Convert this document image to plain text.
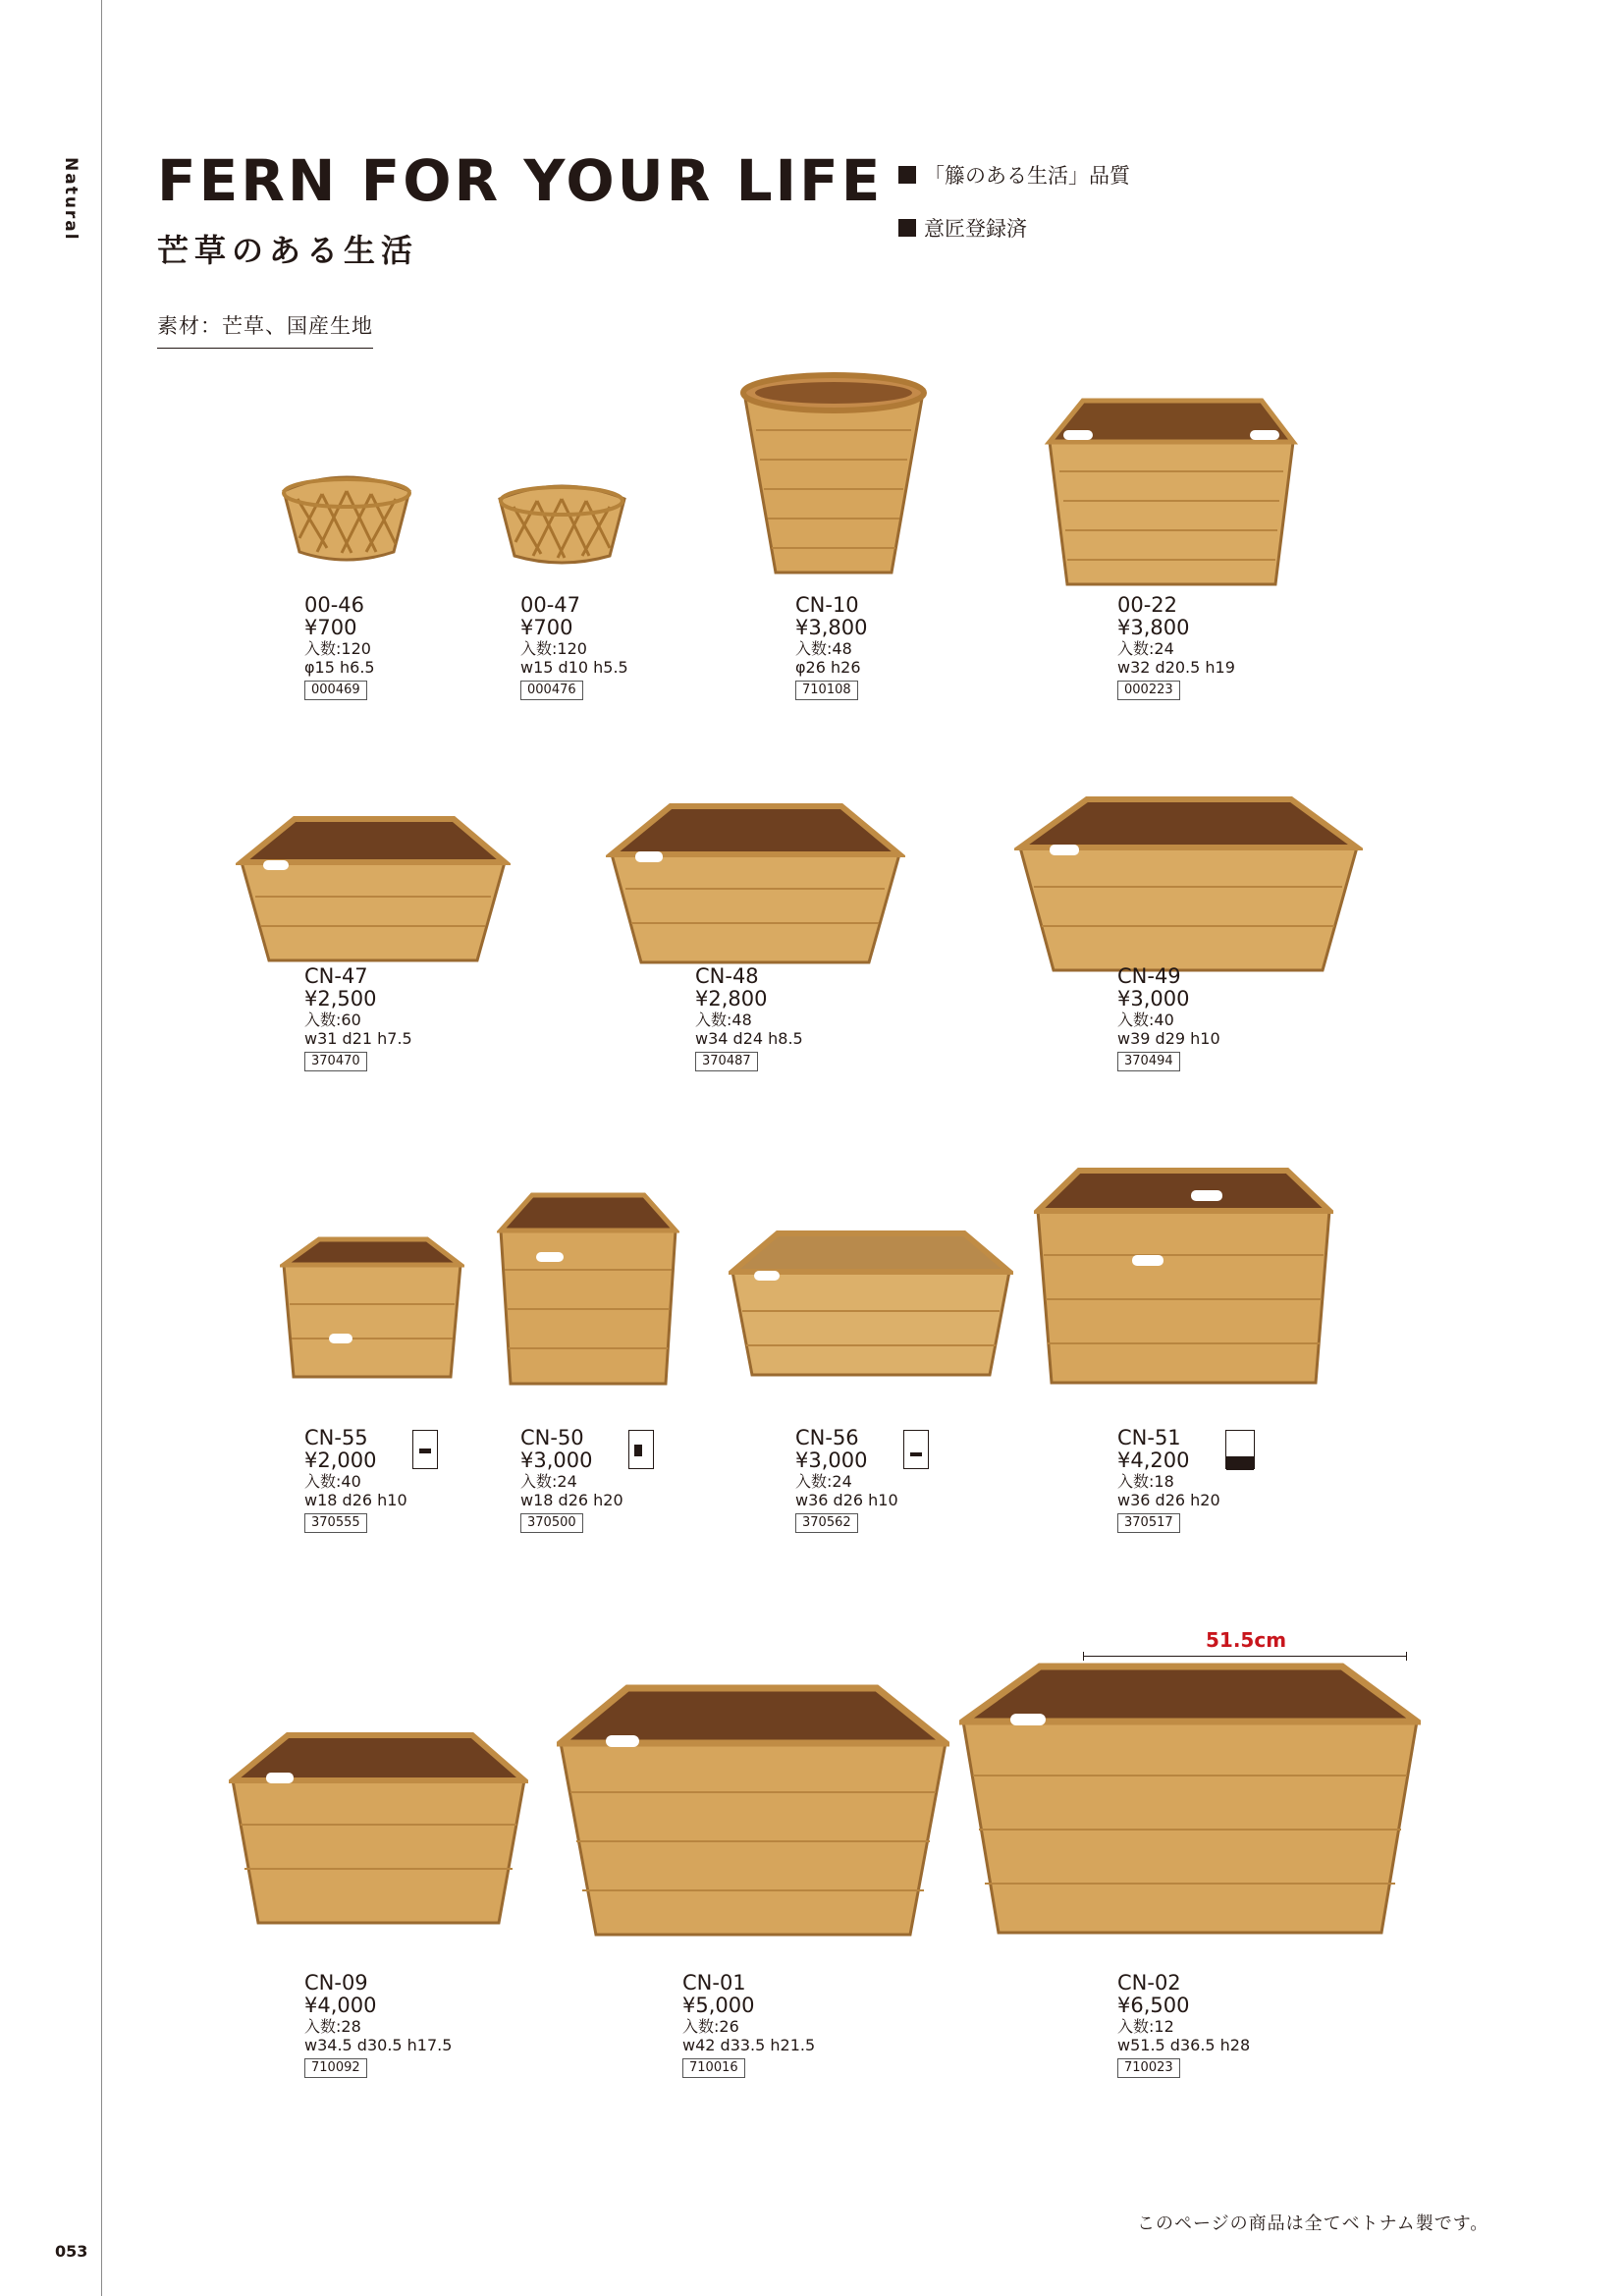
Natural
053
FERN FOR YOUR LIFE
芒草のある生活
素材：芒草、国産生地
「籐のある生活」品質
意匠登録済
51.5cm
00-46
¥700
入数:120
φ15 h6.5
000469
00-47
¥700
入数:120
w15 d10 h5.5
000476
CN-10
¥3,800
入数:48
φ26 h26
710108
00-22
¥3,800
入数:24
w32 d20.5 h19
000223
CN-47
¥2,500
入数:60
w31 d21 h7.5
370470
CN-48
¥2,800
入数:48
w34 d24 h8.5
370487
CN-49
¥3,000
入数:40
w39 d29 h10
370494
CN-55
¥2,000
入数:40
w18 d26 h10
370555
CN-50
¥3,000
入数:24
w18 d26 h20
370500
CN-56
¥3,000
入数:24
w36 d26 h10
370562
CN-51
¥4,200
入数:18
w36 d26 h20
370517
CN-09
¥4,000
入数:28
w34.5 d30.5 h17.5
710092
CN-01
¥5,000
入数:26
w42 d33.5 h21.5
710016
CN-02
¥6,500
入数:12
w51.5 d36.5 h28
710023
このページの商品は全てベトナム製です。
